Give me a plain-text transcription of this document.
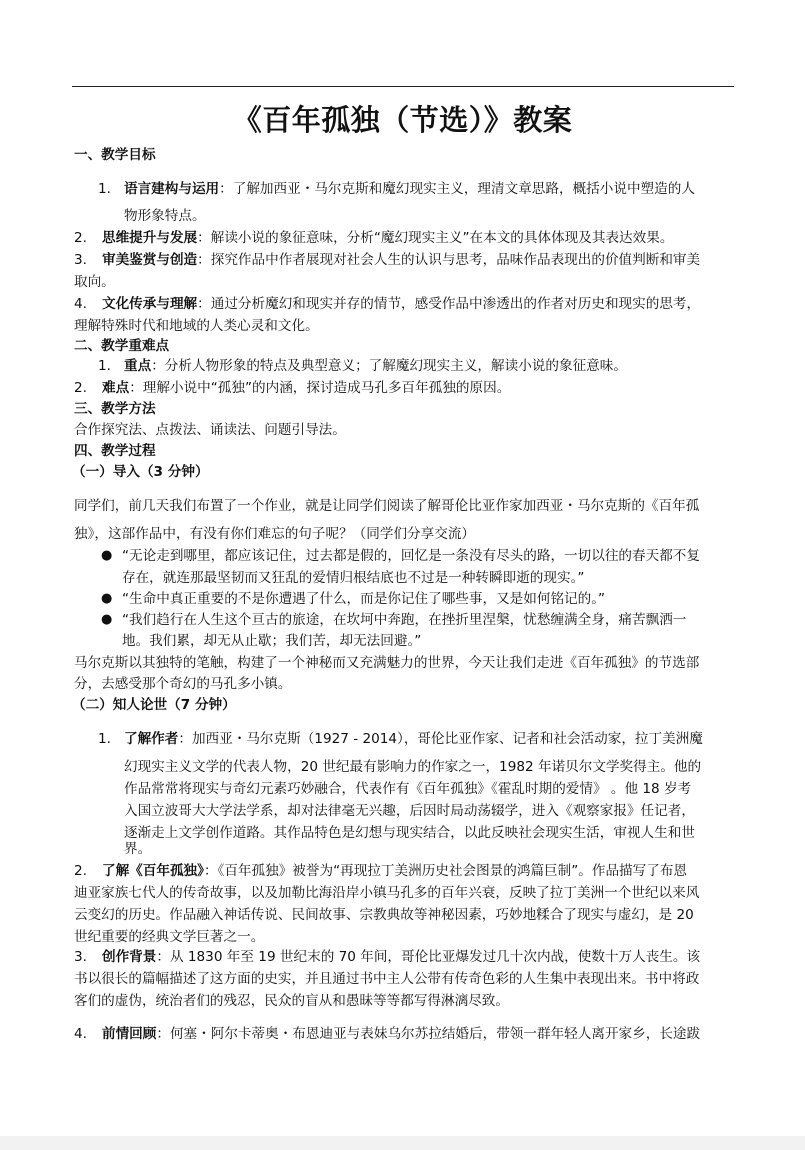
《百年孤独（节选）》教案
一、教学目标
1. 语言建构与运用：了解加西亚・马尔克斯和魔幻现实主义，理清文章思路，概括小说中塑造的人
物形象特点。
2. 思维提升与发展：解读小说的象征意味，分析“魔幻现实主义”在本文的具体体现及其表达效果。
3. 审美鉴赏与创造：探究作品中作者展现对社会人生的认识与思考，品味作品表现出的价值判断和审美
取向。
4. 文化传承与理解：通过分析魔幻和现实并存的情节，感受作品中渗透出的作者对历史和现实的思考，
理解特殊时代和地域的人类心灵和文化。
二、教学重难点
1. 重点：分析人物形象的特点及典型意义；了解魔幻现实主义，解读小说的象征意味。
2. 难点：理解小说中“孤独”的内涵，探讨造成马孔多百年孤独的原因。
三、教学方法
合作探究法、点拨法、诵读法、问题引导法。
四、教学过程
（一）导入（3 分钟）
同学们，前几天我们布置了一个作业，就是让同学们阅读了解哥伦比亚作家加西亚・马尔克斯的《百年孤
独》，这部作品中，有没有你们难忘的句子呢？（同学们分享交流）
● “无论走到哪里，都应该记住，过去都是假的，回忆是一条没有尽头的路，一切以往的春天都不复
存在，就连那最坚韧而又狂乱的爱情归根结底也不过是一种转瞬即逝的现实。”
● “生命中真正重要的不是你遭遇了什么，而是你记住了哪些事，又是如何铭记的。”
● “我们趋行在人生这个亘古的旅途，在坎坷中奔跑，在挫折里涅槃，忧愁缠满全身，痛苦飘洒一
地。我们累，却无从止歇；我们苦，却无法回避。”
马尔克斯以其独特的笔触，构建了一个神秘而又充满魅力的世界，今天让我们走进《百年孤独》的节选部
分，去感受那个奇幻的马孔多小镇。
（二）知人论世（7 分钟）
1. 了解作者：加西亚・马尔克斯（1927 - 2014），哥伦比亚作家、记者和社会活动家，拉丁美洲魔
幻现实主义文学的代表人物，20 世纪最有影响力的作家之一，1982 年诺贝尔文学奖得主。他的
作品常常将现实与奇幻元素巧妙融合，代表作有《百年孤独》《霍乱时期的爱情》 。他 18 岁考
入国立波哥大大学法学系，却对法律毫无兴趣，后因时局动荡辍学，进入《观察家报》任记者，
逐渐走上文学创作道路。其作品特色是幻想与现实结合，以此反映社会现实生活，审视人生和世
界。
2. 了解《百年孤独》：《百年孤独》被誉为“再现拉丁美洲历史社会图景的鸿篇巨制”。作品描写了布恩
迪亚家族七代人的传奇故事，以及加勒比海沿岸小镇马孔多的百年兴衰，反映了拉丁美洲一个世纪以来风
云变幻的历史。作品融入神话传说、民间故事、宗教典故等神秘因素，巧妙地糅合了现实与虚幻，是 20
世纪重要的经典文学巨著之一。
3. 创作背景：从 1830 年至 19 世纪末的 70 年间，哥伦比亚爆发过几十次内战，使数十万人丧生。该
书以很长的篇幅描述了这方面的史实，并且通过书中主人公带有传奇色彩的人生集中表现出来。书中将政
客们的虚伪，统治者们的残忍，民众的盲从和愚昧等等都写得淋漓尽致。
4. 前情回顾：何塞・阿尔卡蒂奥・布恩迪亚与表妹乌尔苏拉结婚后，带领一群年轻人离开家乡，长途跋
